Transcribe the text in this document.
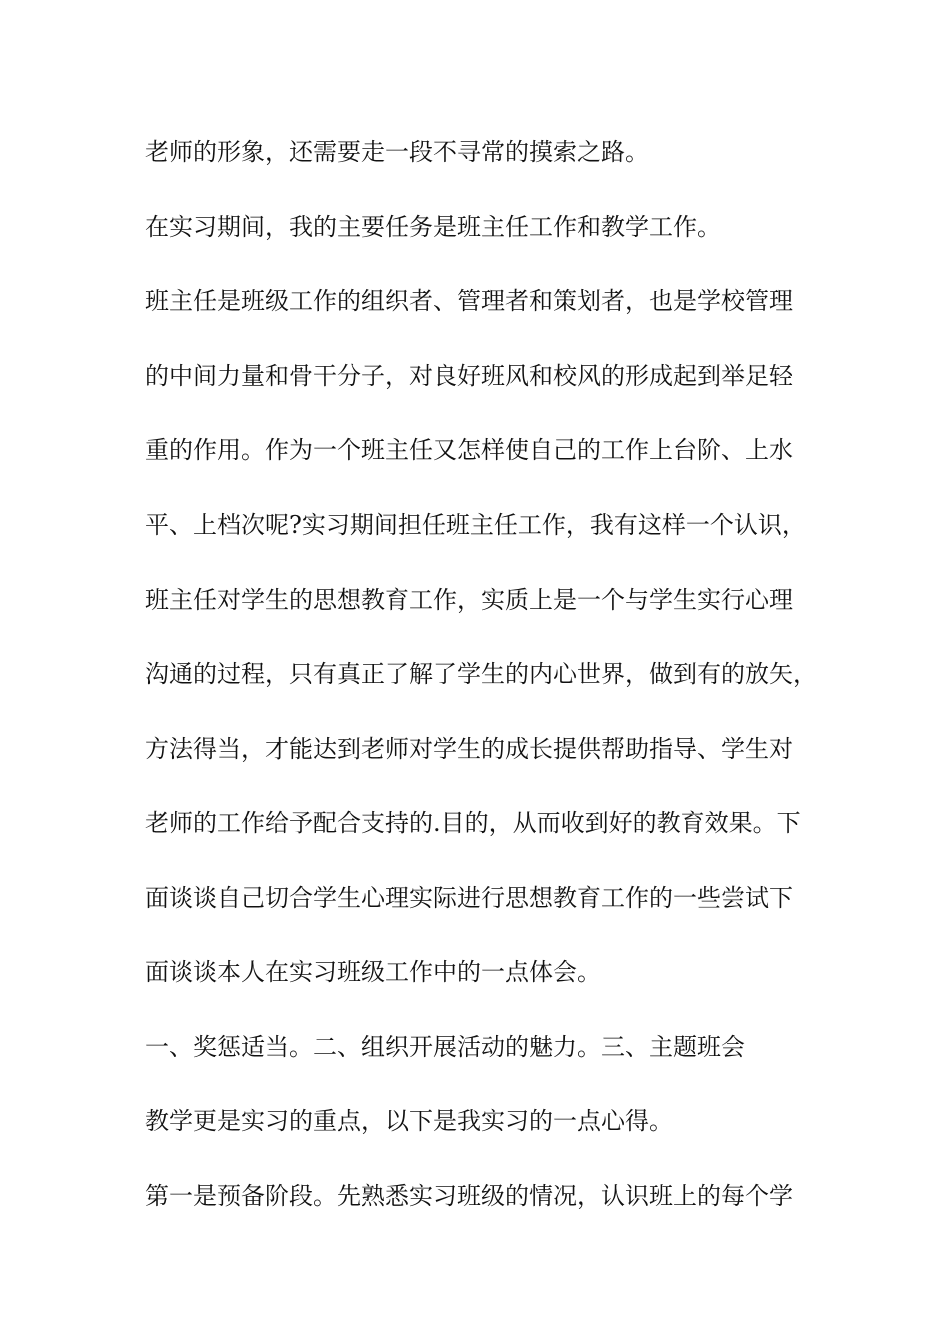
老师的形象，还需要走一段不寻常的摸索之路。

在实习期间，我的主要任务是班主任工作和教学工作。

班主任是班级工作的组织者、管理者和策划者，也是学校管理

的中间力量和骨干分子，对良好班风和校风的形成起到举足轻

重的作用。作为一个班主任又怎样使自己的工作上台阶、上水

平、上档次呢?实习期间担任班主任工作，我有这样一个认识，

班主任对学生的思想教育工作，实质上是一个与学生实行心理

沟通的过程，只有真正了解了学生的内心世界，做到有的放矢，

方法得当，才能达到老师对学生的成长提供帮助指导、学生对

老师的工作给予配合支持的.目的，从而收到好的教育效果。下

面谈谈自己切合学生心理实际进行思想教育工作的一些尝试下

面谈谈本人在实习班级工作中的一点体会。

一、奖惩适当。二、组织开展活动的魅力。三、主题班会

教学更是实习的重点，以下是我实习的一点心得。

第一是预备阶段。先熟悉实习班级的情况，认识班上的每个学
